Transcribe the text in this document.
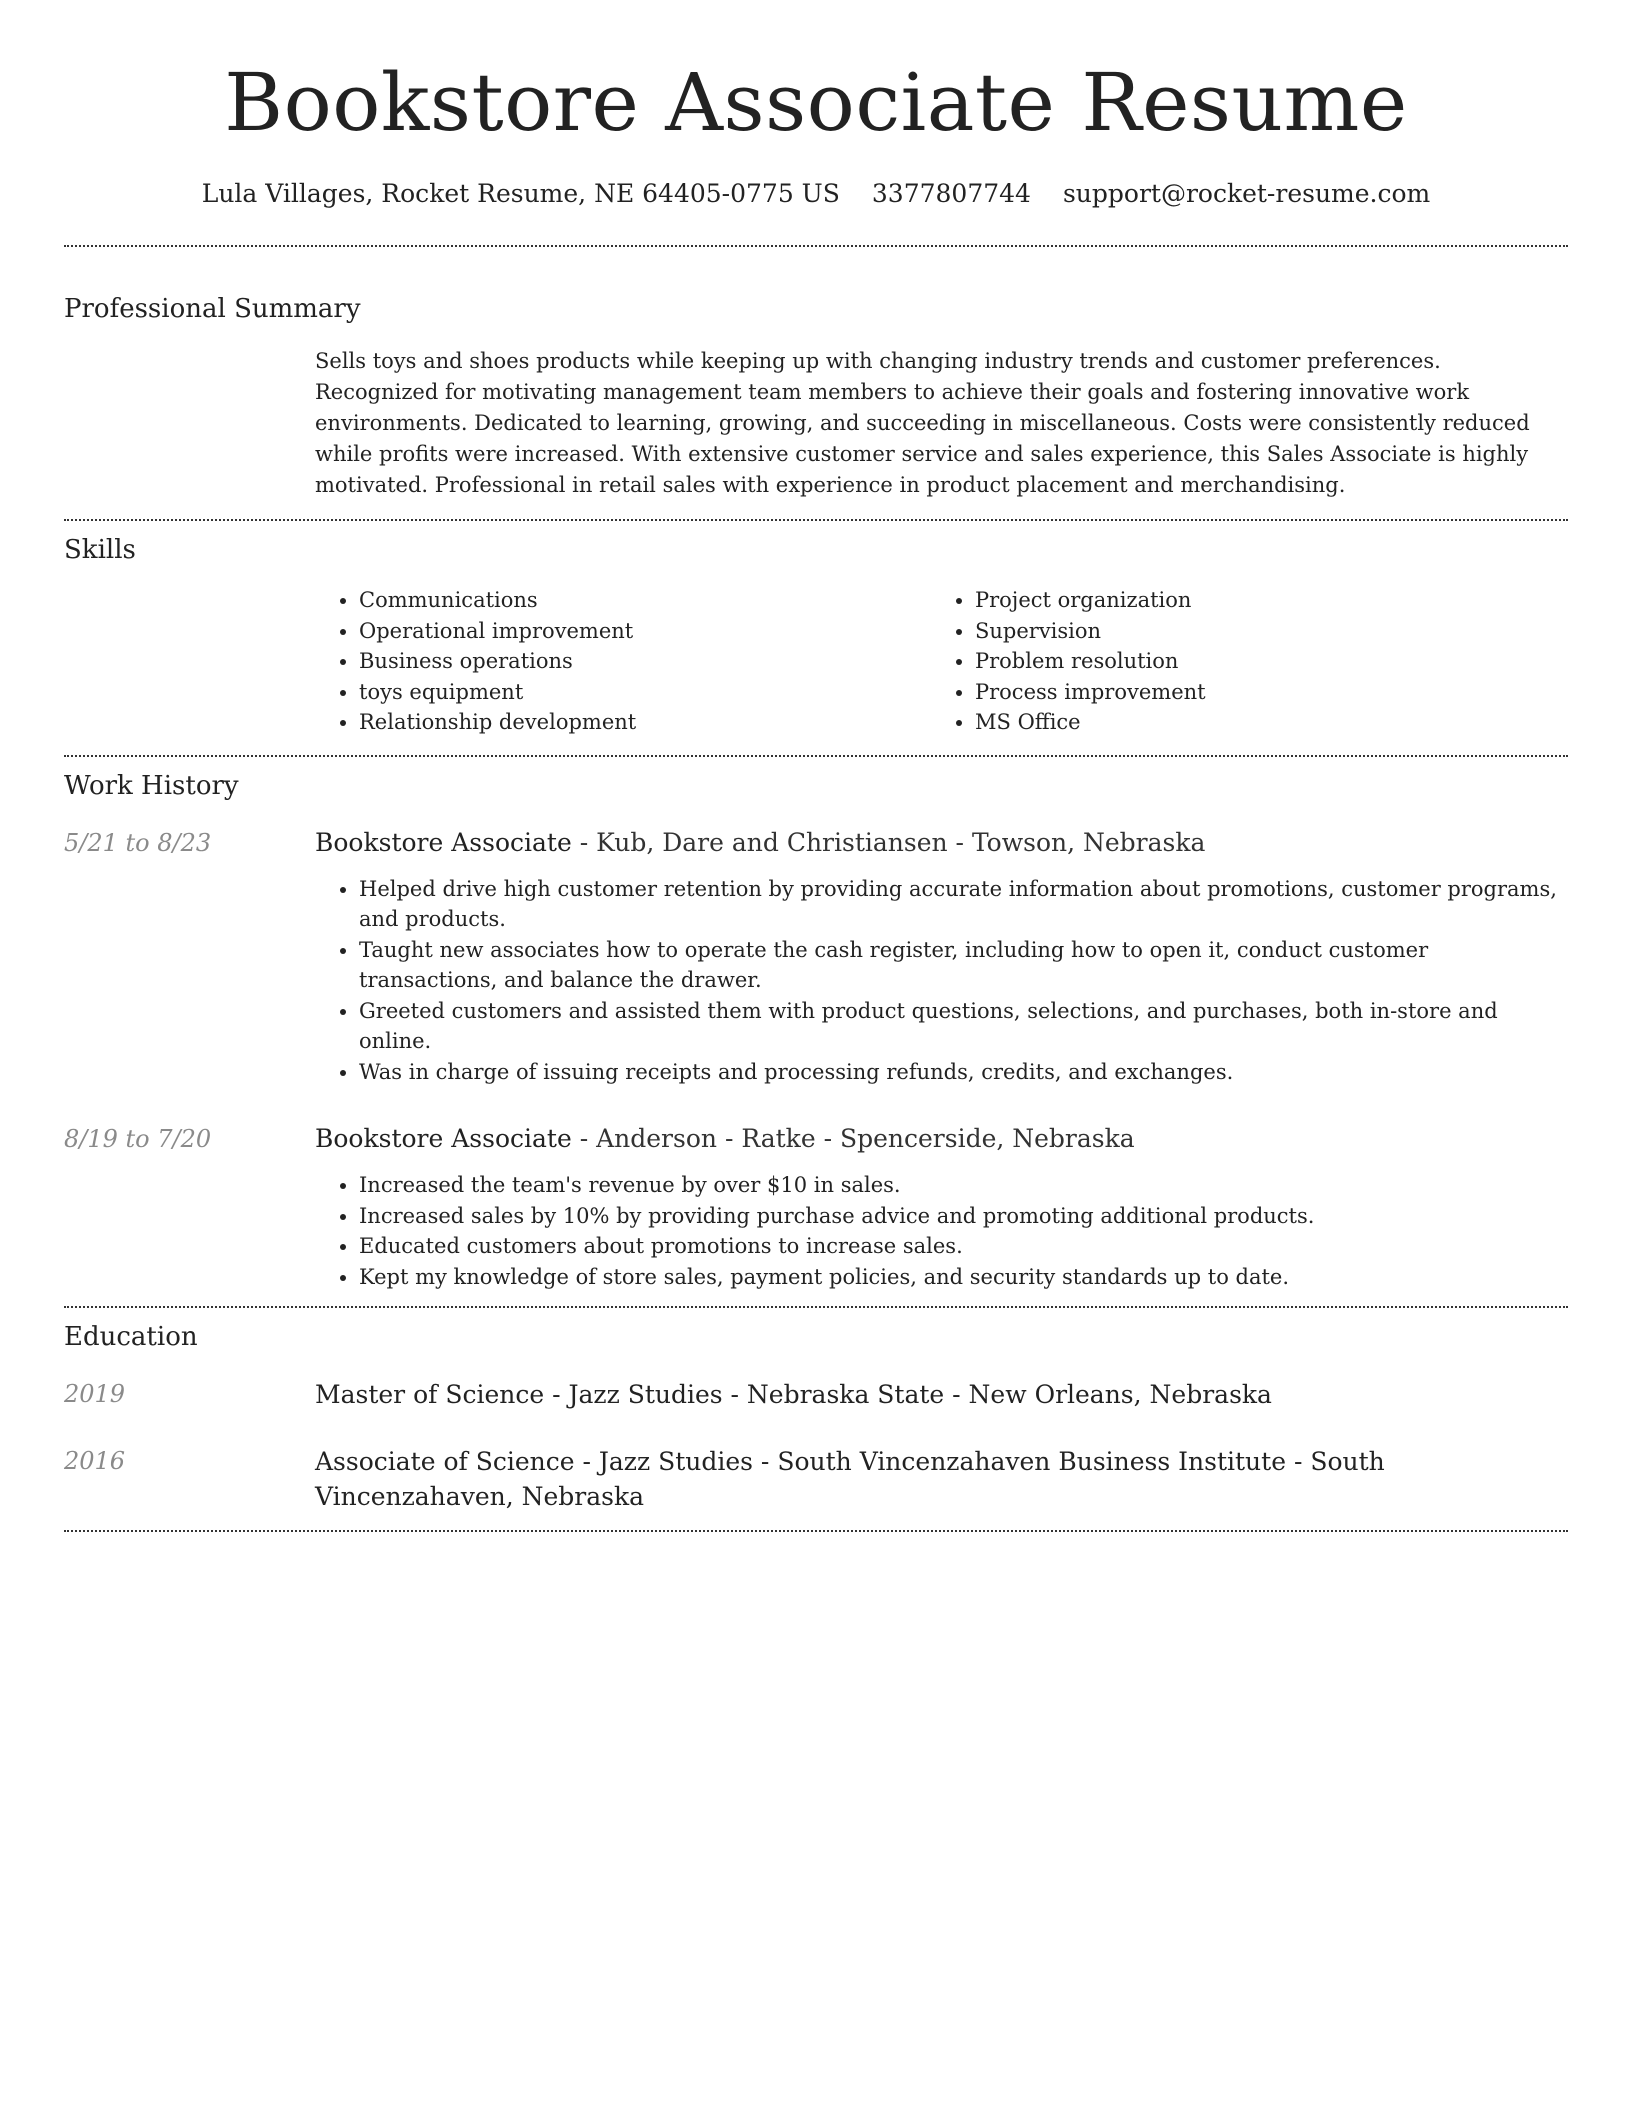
Bookstore Associate Resume
Lula Villages, Rocket Resume, NE 64405-0775 US 3377807744 support@rocket-resume.com
Professional Summary

Sells toys and shoes products while keeping up with changing industry trends and customer preferences. Recognized for motivating management team members to achieve their goals and fostering innovative work environments. Dedicated to learning, growing, and succeeding in miscellaneous. Costs were consistently reduced while profits were increased. With extensive customer service and sales experience, this Sales Associate is highly motivated. Professional in retail sales with experience in product placement and merchandising.

Skills
• Communications
• Operational improvement
• Business operations
• toys equipment
• Relationship development
• Project organization
• Supervision
• Problem resolution
• Process improvement
• MS Office
Work History
5/21 to 8/23	Bookstore Associate - Kub, Dare and Christiansen - Towson, Nebraska

• Helped drive high customer retention by providing accurate information about promotions, customer programs, and products.
• Taught new associates how to operate the cash register, including how to open it, conduct customer transactions, and balance the drawer.
• Greeted customers and assisted them with product questions, selections, and purchases, both in-store and online.
• Was in charge of issuing receipts and processing refunds, credits, and exchanges.
8/19 to 7/20	Bookstore Associate - Anderson - Ratke - Spencerside, Nebraska

• Increased the team's revenue by over $10 in sales.
• Increased sales by 10% by providing purchase advice and promoting additional products.
• Educated customers about promotions to increase sales.
• Kept my knowledge of store sales, payment policies, and security standards up to date.
Education
2019	Master of Science - Jazz Studies - Nebraska State - New Orleans, Nebraska

2016	Associate of Science - Jazz Studies - South Vincenzahaven Business Institute - South Vincenzahaven, Nebraska
